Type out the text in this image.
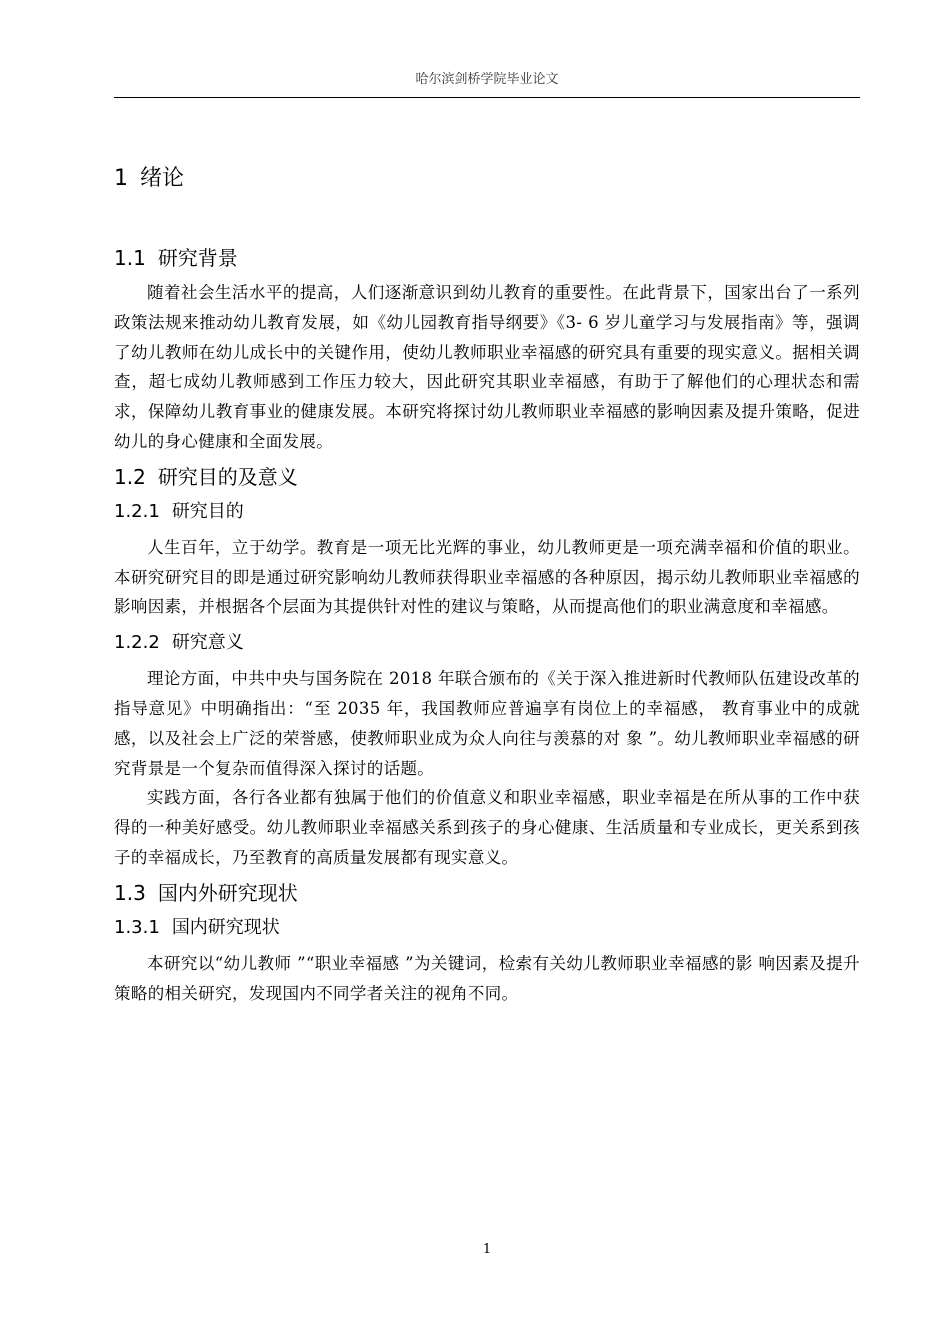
哈尔滨剑桥学院毕业论文
1 绪论
1.1 研究背景

随着社会生活水平的提高，人们逐渐意识到幼儿教育的重要性。在此背景下，国家出台了一系列政策法规来推动幼儿教育发展，如《幼儿园教育指导纲要》《3- 6 岁儿童学习与发展指南》等，强调了幼儿教师在幼儿成长中的关键作用，使幼儿教师职业幸福感的研究具有重要的现实意义。据相关调查，超七成幼儿教师感到工作压力较大，因此研究其职业幸福感，有助于了解他们的心理状态和需求，保障幼儿教育事业的健康发展。本研究将探讨幼儿教师职业幸福感的影响因素及提升策略，促进幼儿的身心健康和全面发展。

1.2 研究目的及意义
1.2.1 研究目的

人生百年，立于幼学。教育是一项无比光辉的事业，幼儿教师更是一项充满幸福和价值的职业。本研究研究目的即是通过研究影响幼儿教师获得职业幸福感的各种原因，揭示幼儿教师职业幸福感的影响因素，并根据各个层面为其提供针对性的建议与策略，从而提高他们的职业满意度和幸福感。

1.2.2 研究意义

理论方面，中共中央与国务院在 2018 年联合颁布的《关于深入推进新时代教师队伍建设改革的指导意见》中明确指出：“至 2035 年，我国教师应普遍享有岗位上的幸福感， 教育事业中的成就感，以及社会上广泛的荣誉感，使教师职业成为众人向往与羡慕的对 象 ”。幼儿教师职业幸福感的研究背景是一个复杂而值得深入探讨的话题。

实践方面，各行各业都有独属于他们的价值意义和职业幸福感，职业幸福是在所从事的工作中获得的一种美好感受。幼儿教师职业幸福感关系到孩子的身心健康、生活质量和专业成长，更关系到孩子的幸福成长，乃至教育的高质量发展都有现实意义。

1.3 国内外研究现状
1.3.1 国内研究现状

本研究以“幼儿教师 ”“职业幸福感 ”为关键词，检索有关幼儿教师职业幸福感的影 响因素及提升策略的相关研究，发现国内不同学者关注的视角不同。

1
